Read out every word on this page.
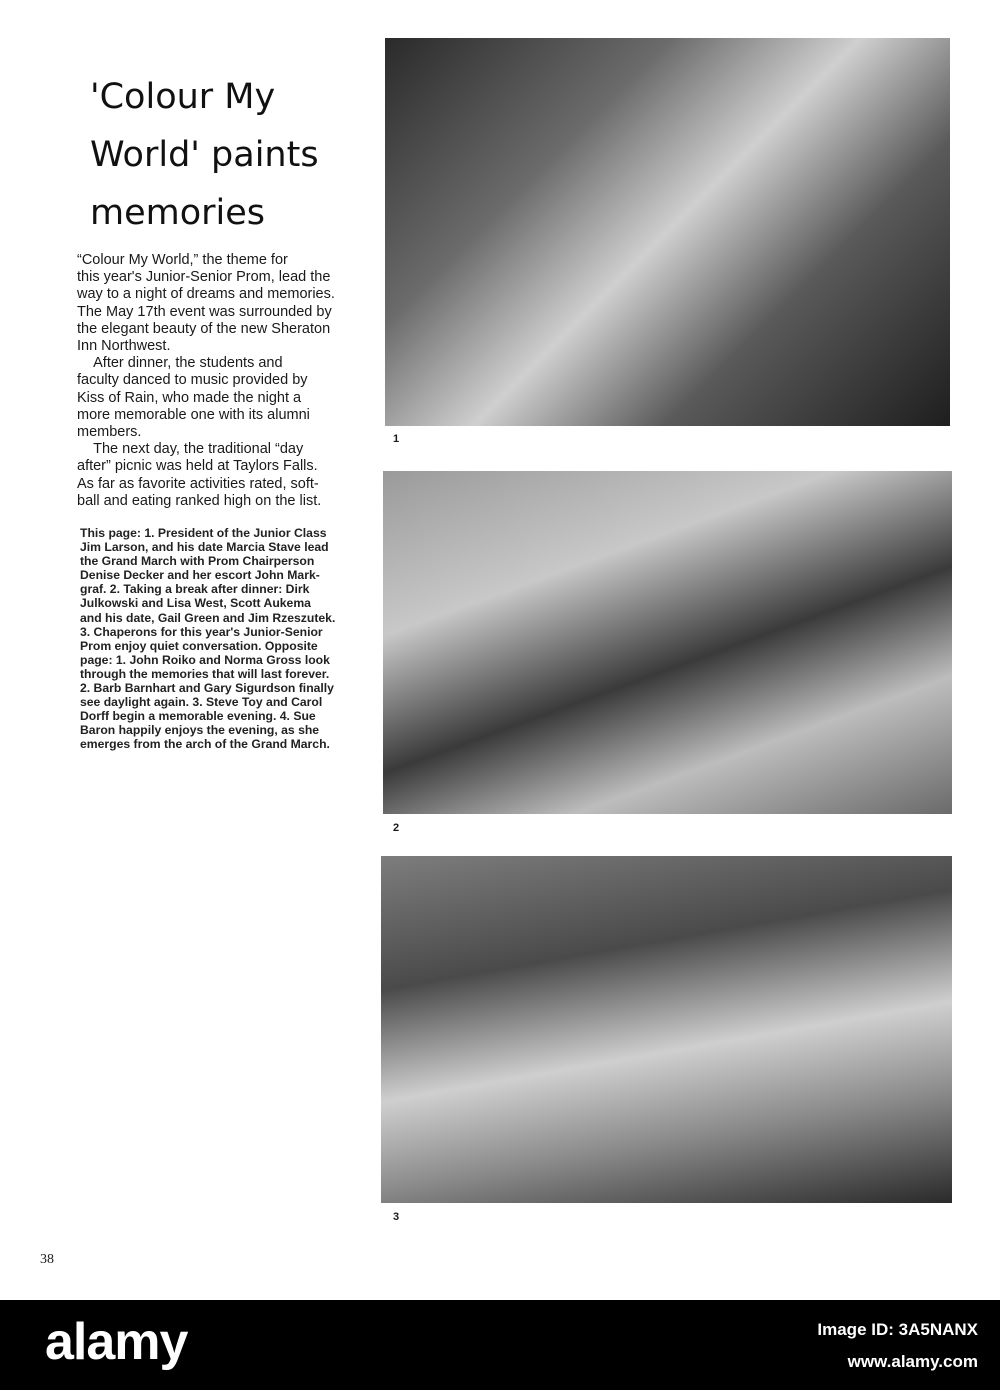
'Colour My
World' paints
memories
“Colour My World,” the theme for
this year's Junior-Senior Prom, lead the
way to a night of dreams and memories.
The May 17th event was surrounded by
the elegant beauty of the new Sheraton
Inn Northwest.
After dinner, the students and
faculty danced to music provided by
Kiss of Rain, who made the night a
more memorable one with its alumni
members.
The next day, the traditional “day
after” picnic was held at Taylors Falls.
As far as favorite activities rated, soft-
ball and eating ranked high on the list.
This page: 1. President of the Junior Class
Jim Larson, and his date Marcia Stave lead
the Grand March with Prom Chairperson
Denise Decker and her escort John Mark-
graf. 2. Taking a break after dinner: Dirk
Julkowski and Lisa West, Scott Aukema
and his date, Gail Green and Jim Rzeszutek.
3. Chaperons for this year's Junior-Senior
Prom enjoy quiet conversation. Opposite
page: 1. John Roiko and Norma Gross look
through the memories that will last forever.
2. Barb Barnhart and Gary Sigurdson finally
see daylight again. 3. Steve Toy and Carol
Dorff begin a memorable evening. 4. Sue
Baron happily enjoys the evening, as she
emerges from the arch of the Grand March.
1
2
3
38
alamy	Image ID: 3A5NANX
www.alamy.com
